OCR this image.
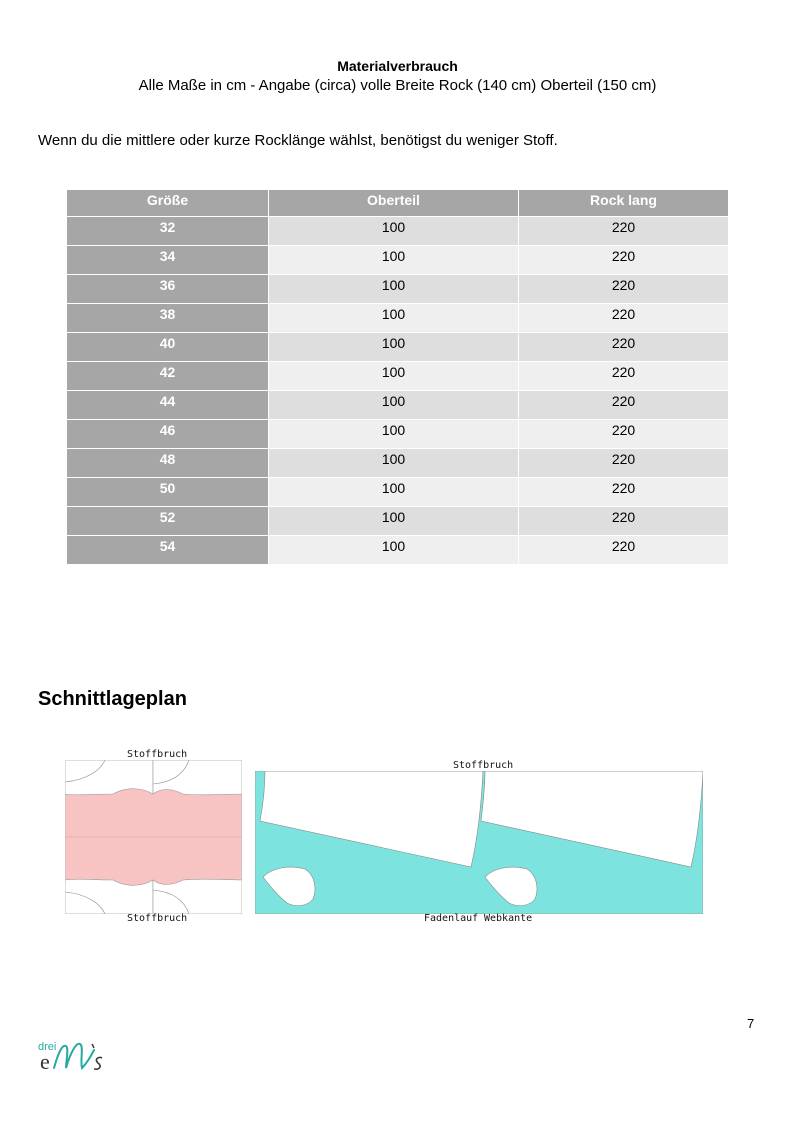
Materialverbrauch
Alle Maße in cm - Angabe (circa) volle Breite Rock (140 cm) Oberteil (150 cm)
Wenn du die mittlere oder kurze Rocklänge wählst, benötigst du weniger Stoff.
Größe	Oberteil	Rock lang
32	100	220
34	100	220
36	100	220
38	100	220
40	100	220
42	100	220
44	100	220
46	100	220
48	100	220
50	100	220
52	100	220
54	100	220
Schnittlageplan
Stoffbruch
Stoffbruch
Stoffbruch
Fadenlauf Webkante
7
drei
e
